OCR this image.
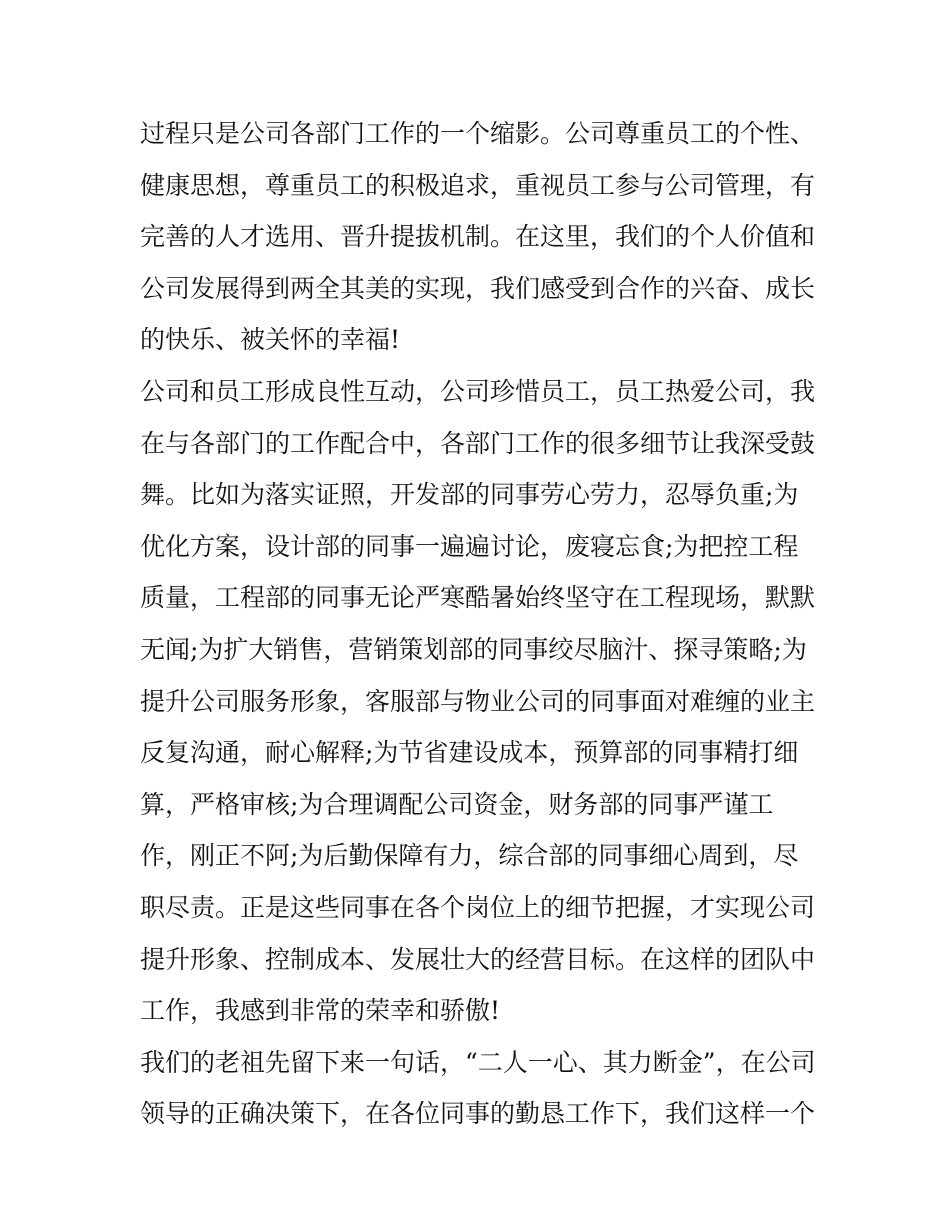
过程只是公司各部门工作的一个缩影。公司尊重员工的个性、
健康思想，尊重员工的积极追求，重视员工参与公司管理，有
完善的人才选用、晋升提拔机制。在这里，我们的个人价值和
公司发展得到两全其美的实现，我们感受到合作的兴奋、成长
的快乐、被关怀的幸福!
公司和员工形成良性互动，公司珍惜员工，员工热爱公司，我
在与各部门的工作配合中，各部门工作的很多细节让我深受鼓
舞。比如为落实证照，开发部的同事劳心劳力，忍辱负重;为
优化方案，设计部的同事一遍遍讨论，废寝忘食;为把控工程
质量，工程部的同事无论严寒酷暑始终坚守在工程现场，默默
无闻;为扩大销售，营销策划部的同事绞尽脑汁、探寻策略;为
提升公司服务形象，客服部与物业公司的同事面对难缠的业主
反复沟通，耐心解释;为节省建设成本，预算部的同事精打细
算，严格审核;为合理调配公司资金，财务部的同事严谨工
作，刚正不阿;为后勤保障有力，综合部的同事细心周到，尽
职尽责。正是这些同事在各个岗位上的细节把握，才实现公司
提升形象、控制成本、发展壮大的经营目标。在这样的团队中
工作，我感到非常的荣幸和骄傲!
我们的老祖先留下来一句话，“二人一心、其力断金”，在公司
领导的正确决策下，在各位同事的勤恳工作下，我们这样一个
